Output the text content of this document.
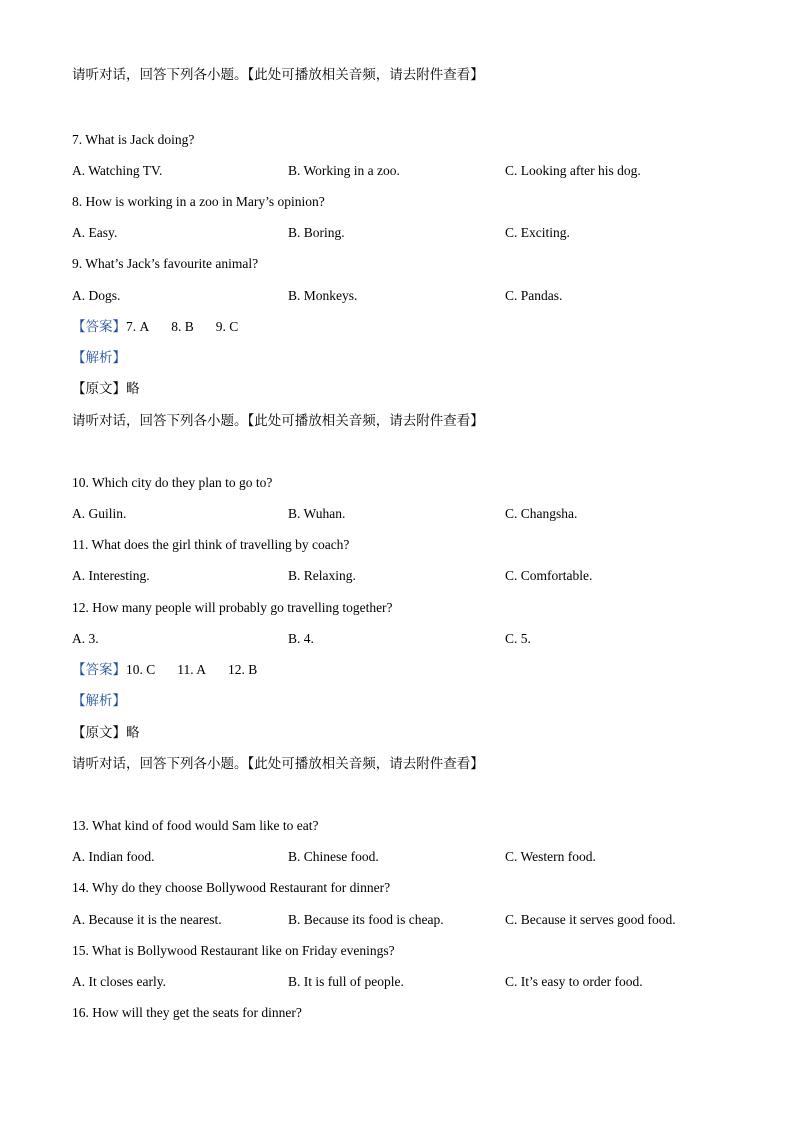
请听对话，回答下列各小题。【此处可播放相关音频，请去附件查看】
7. What is Jack doing?
A. Watching TV.	B. Working in a zoo.	C. Looking after his dog.
8. How is working in a zoo in Mary’s opinion?
A. Easy.	B. Boring.	C. Exciting.
9. What’s Jack’s favourite animal?
A. Dogs.	B. Monkeys.	C. Pandas.
【答案】7. A 8. B 9. C
【解析】
【原文】略
请听对话，回答下列各小题。【此处可播放相关音频，请去附件查看】
10. Which city do they plan to go to?
A. Guilin.	B. Wuhan.	C. Changsha.
11. What does the girl think of travelling by coach?
A. Interesting.	B. Relaxing.	C. Comfortable.
12. How many people will probably go travelling together?
A. 3.	B. 4.	C. 5.
【答案】10. C 11. A 12. B
【解析】
【原文】略
请听对话，回答下列各小题。【此处可播放相关音频，请去附件查看】
13. What kind of food would Sam like to eat?
A. Indian food.	B. Chinese food.	C. Western food.
14. Why do they choose Bollywood Restaurant for dinner?
A. Because it is the nearest.	B. Because its food is cheap.	C. Because it serves good food.
15. What is Bollywood Restaurant like on Friday evenings?
A. It closes early.	B. It is full of people.	C. It’s easy to order food.
16. How will they get the seats for dinner?
